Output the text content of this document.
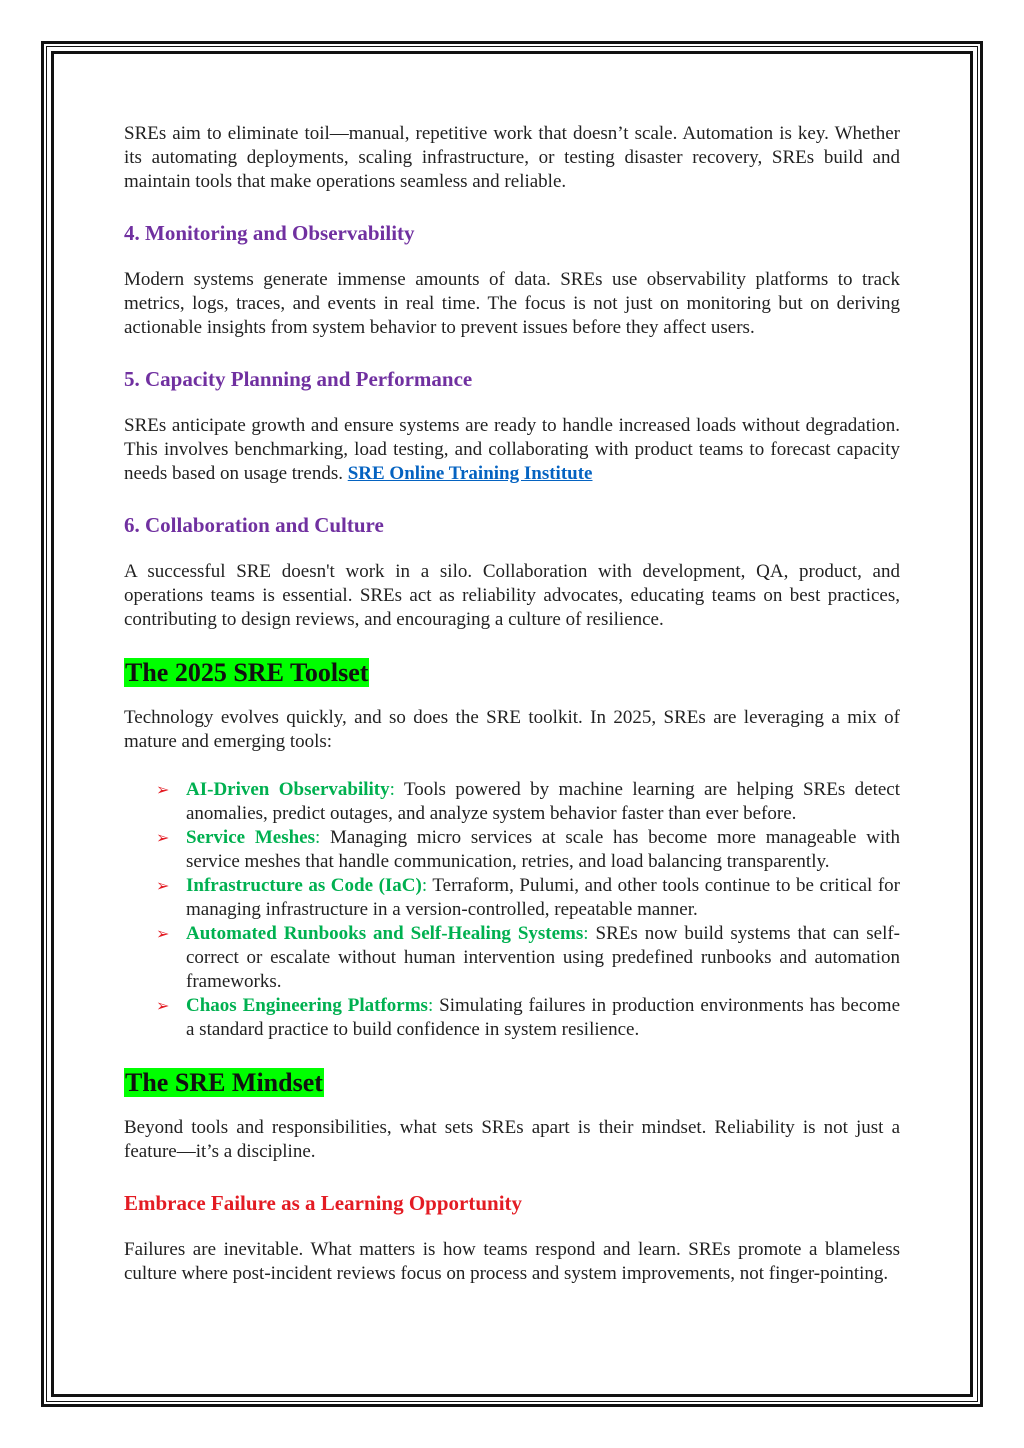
SREs aim to eliminate toil—manual, repetitive work that doesn’t scale. Automation is key. Whether its automating deployments, scaling infrastructure, or testing disaster recovery, SREs build and maintain tools that make operations seamless and reliable.

4. Monitoring and Observability

Modern systems generate immense amounts of data. SREs use observability platforms to track metrics, logs, traces, and events in real time. The focus is not just on monitoring but on deriving actionable insights from system behavior to prevent issues before they affect users.

5. Capacity Planning and Performance

SREs anticipate growth and ensure systems are ready to handle increased loads without degradation. This involves benchmarking, load testing, and collaborating with product teams to forecast capacity needs based on usage trends. SRE Online Training Institute

6. Collaboration and Culture

A successful SRE doesn't work in a silo. Collaboration with development, QA, product, and operations teams is essential. SREs act as reliability advocates, educating teams on best practices, contributing to design reviews, and encouraging a culture of resilience.

The 2025 SRE Toolset

Technology evolves quickly, and so does the SRE toolkit. In 2025, SREs are leveraging a mix of mature and emerging tools:

➢ AI-Driven Observability: Tools powered by machine learning are helping SREs detect anomalies, predict outages, and analyze system behavior faster than ever before.
➢ Service Meshes: Managing micro services at scale has become more manageable with service meshes that handle communication, retries, and load balancing transparently.
➢ Infrastructure as Code (IaC): Terraform, Pulumi, and other tools continue to be critical for managing infrastructure in a version-controlled, repeatable manner.
➢ Automated Runbooks and Self-Healing Systems: SREs now build systems that can self-correct or escalate without human intervention using predefined runbooks and automation frameworks.
➢ Chaos Engineering Platforms: Simulating failures in production environments has become a standard practice to build confidence in system resilience.
The SRE Mindset

Beyond tools and responsibilities, what sets SREs apart is their mindset. Reliability is not just a feature—it’s a discipline.

Embrace Failure as a Learning Opportunity

Failures are inevitable. What matters is how teams respond and learn. SREs promote a blameless culture where post-incident reviews focus on process and system improvements, not finger-pointing.
